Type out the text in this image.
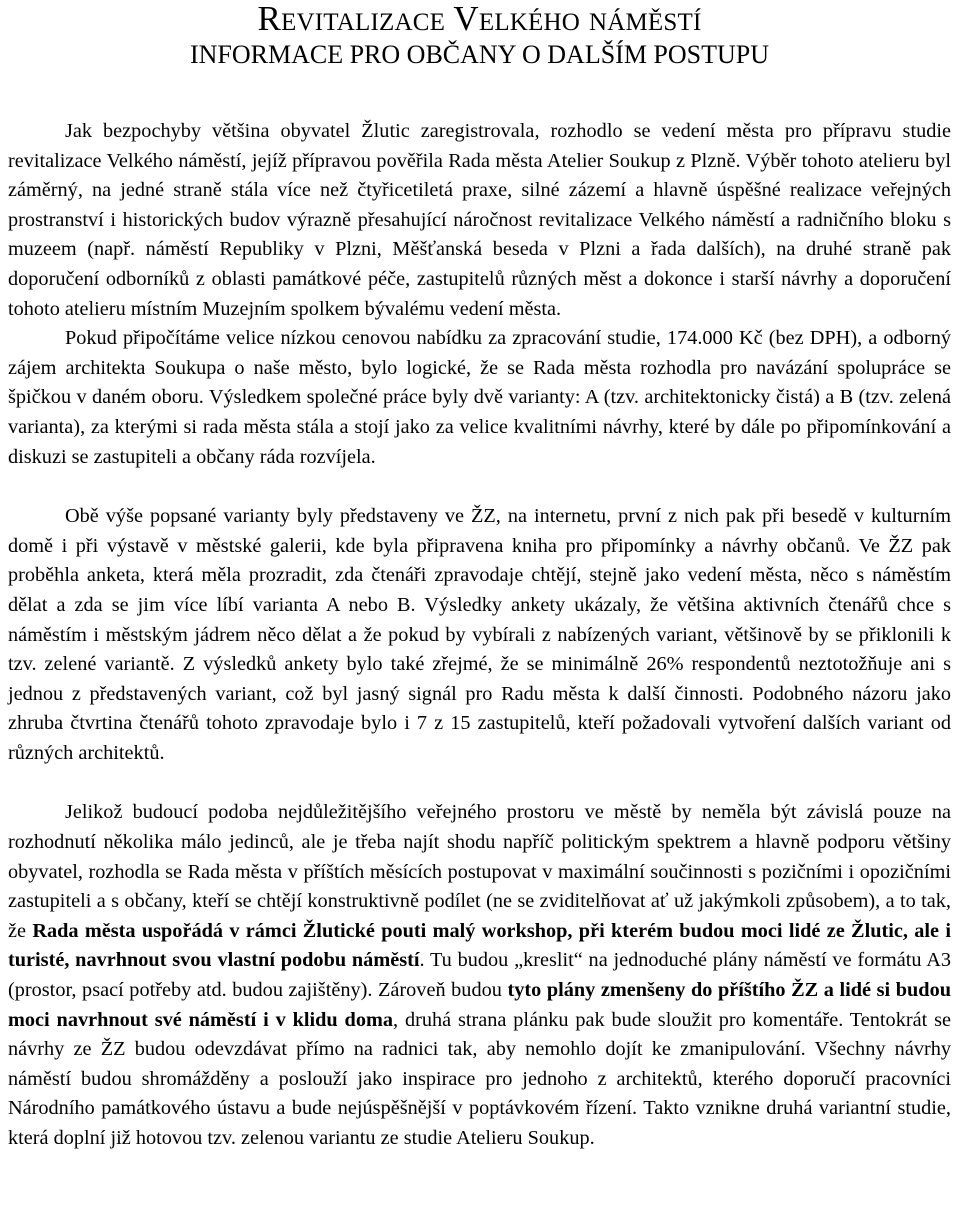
Revitalizace Velkého náměstí
INFORMACE PRO OBČANY O DALŠÍM POSTUPU

Jak bezpochyby většina obyvatel Žlutic zaregistrovala, rozhodlo se vedení města pro přípravu studie revitalizace Velkého náměstí, jejíž přípravou pověřila Rada města Atelier Soukup z Plzně. Výběr tohoto atelieru byl záměrný, na jedné straně stála více než čtyřicetiletá praxe, silné zázemí a hlavně úspěšné realizace veřejných prostranství i historických budov výrazně přesahující náročnost revitalizace Velkého náměstí a radničního bloku s muzeem (např. náměstí Republiky v Plzni, Měšťanská beseda v Plzni a řada dalších), na druhé straně pak doporučení odborníků z oblasti památkové péče, zastupitelů různých měst a dokonce i starší návrhy a doporučení tohoto atelieru místním Muzejním spolkem bývalému vedení města.

Pokud připočítáme velice nízkou cenovou nabídku za zpracování studie, 174.000 Kč (bez DPH), a odborný zájem architekta Soukupa o naše město, bylo logické, že se Rada města rozhodla pro navázání spolupráce se špičkou v daném oboru. Výsledkem společné práce byly dvě varianty: A (tzv. architektonicky čistá) a B (tzv. zelená varianta), za kterými si rada města stála a stojí jako za velice kvalitními návrhy, které by dále po připomínkování a diskuzi se zastupiteli a občany ráda rozvíjela.

Obě výše popsané varianty byly představeny ve ŽZ, na internetu, první z nich pak při besedě v kulturním domě i při výstavě v městské galerii, kde byla připravena kniha pro připomínky a návrhy občanů. Ve ŽZ pak proběhla anketa, která měla prozradit, zda čtenáři zpravodaje chtějí, stejně jako vedení města, něco s náměstím dělat a zda se jim více líbí varianta A nebo B. Výsledky ankety ukázaly, že většina aktivních čtenářů chce s náměstím i městským jádrem něco dělat a že pokud by vybírali z nabízených variant, většinově by se přiklonili k tzv. zelené variantě. Z výsledků ankety bylo také zřejmé, že se minimálně 26% respondentů neztotožňuje ani s jednou z představených variant, což byl jasný signál pro Radu města k další činnosti. Podobného názoru jako zhruba čtvrtina čtenářů tohoto zpravodaje bylo i 7 z 15 zastupitelů, kteří požadovali vytvoření dalších variant od různých architektů.

Jelikož budoucí podoba nejdůležitějšího veřejného prostoru ve městě by neměla být závislá pouze na rozhodnutí několika málo jedinců, ale je třeba najít shodu napříč politickým spektrem a hlavně podporu většiny obyvatel, rozhodla se Rada města v příštích měsících postupovat v maximální součinnosti s pozičními i opozičními zastupiteli a s občany, kteří se chtějí konstruktivně podílet (ne se zviditelňovat ať už jakýmkoli způsobem), a to tak, že Rada města uspořádá v rámci Žlutické pouti malý workshop, při kterém budou moci lidé ze Žlutic, ale i turisté, navrhnout svou vlastní podobu náměstí. Tu budou „kreslit“ na jednoduché plány náměstí ve formátu A3 (prostor, psací potřeby atd. budou zajištěny). Zároveň budou tyto plány zmenšeny do příštího ŽZ a lidé si budou moci navrhnout své náměstí i v klidu doma, druhá strana plánku pak bude sloužit pro komentáře. Tentokrát se návrhy ze ŽZ budou odevzdávat přímo na radnici tak, aby nemohlo dojít ke zmanipulování. Všechny návrhy náměstí budou shromážděny a poslouží jako inspirace pro jednoho z architektů, kterého doporučí pracovníci Národního památkového ústavu a bude nejúspěšnější v poptávkovém řízení. Takto vznikne druhá variantní studie, která doplní již hotovou tzv. zelenou variantu ze studie Atelieru Soukup.
